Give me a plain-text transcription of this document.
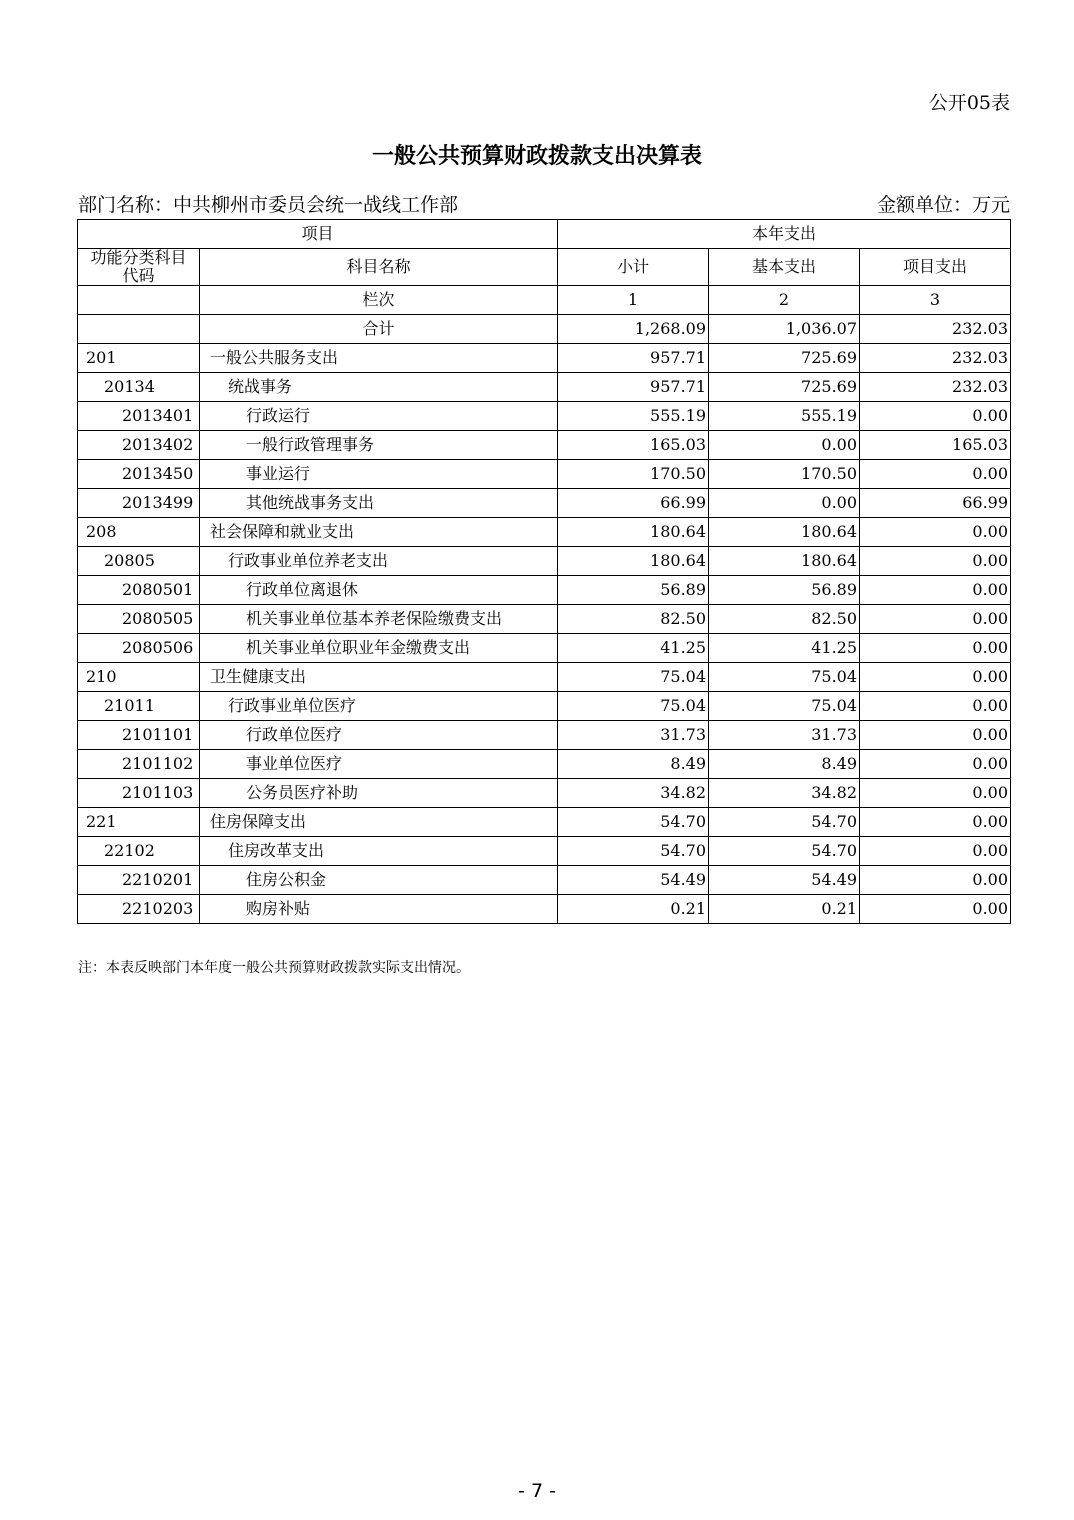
公开05表
一般公共预算财政拨款支出决算表
部门名称：中共柳州市委员会统一战线工作部	金额单位：万元
项目		本年支出		

功能分类科目
代码	科目名称	小计	基本支出	项目支出
	栏次	1	2	3
	合计	1,268.09	1,036.07	232.03
201	一般公共服务支出	957.71	725.69	232.03
20134	统战事务	957.71	725.69	232.03
2013401	行政运行	555.19	555.19	0.00
2013402	一般行政管理事务	165.03	0.00	165.03
2013450	事业运行	170.50	170.50	0.00
2013499	其他统战事务支出	66.99	0.00	66.99
208	社会保障和就业支出	180.64	180.64	0.00
20805	行政事业单位养老支出	180.64	180.64	0.00
2080501	行政单位离退休	56.89	56.89	0.00
2080505	机关事业单位基本养老保险缴费支出	82.50	82.50	0.00
2080506	机关事业单位职业年金缴费支出	41.25	41.25	0.00
210	卫生健康支出	75.04	75.04	0.00
21011	行政事业单位医疗	75.04	75.04	0.00
2101101	行政单位医疗	31.73	31.73	0.00
2101102	事业单位医疗	8.49	8.49	0.00
2101103	公务员医疗补助	34.82	34.82	0.00
221	住房保障支出	54.70	54.70	0.00
22102	住房改革支出	54.70	54.70	0.00
2210201	住房公积金	54.49	54.49	0.00
2210203	购房补贴	0.21	0.21	0.00
注：本表反映部门本年度一般公共预算财政拨款实际支出情况。
- 7 -
